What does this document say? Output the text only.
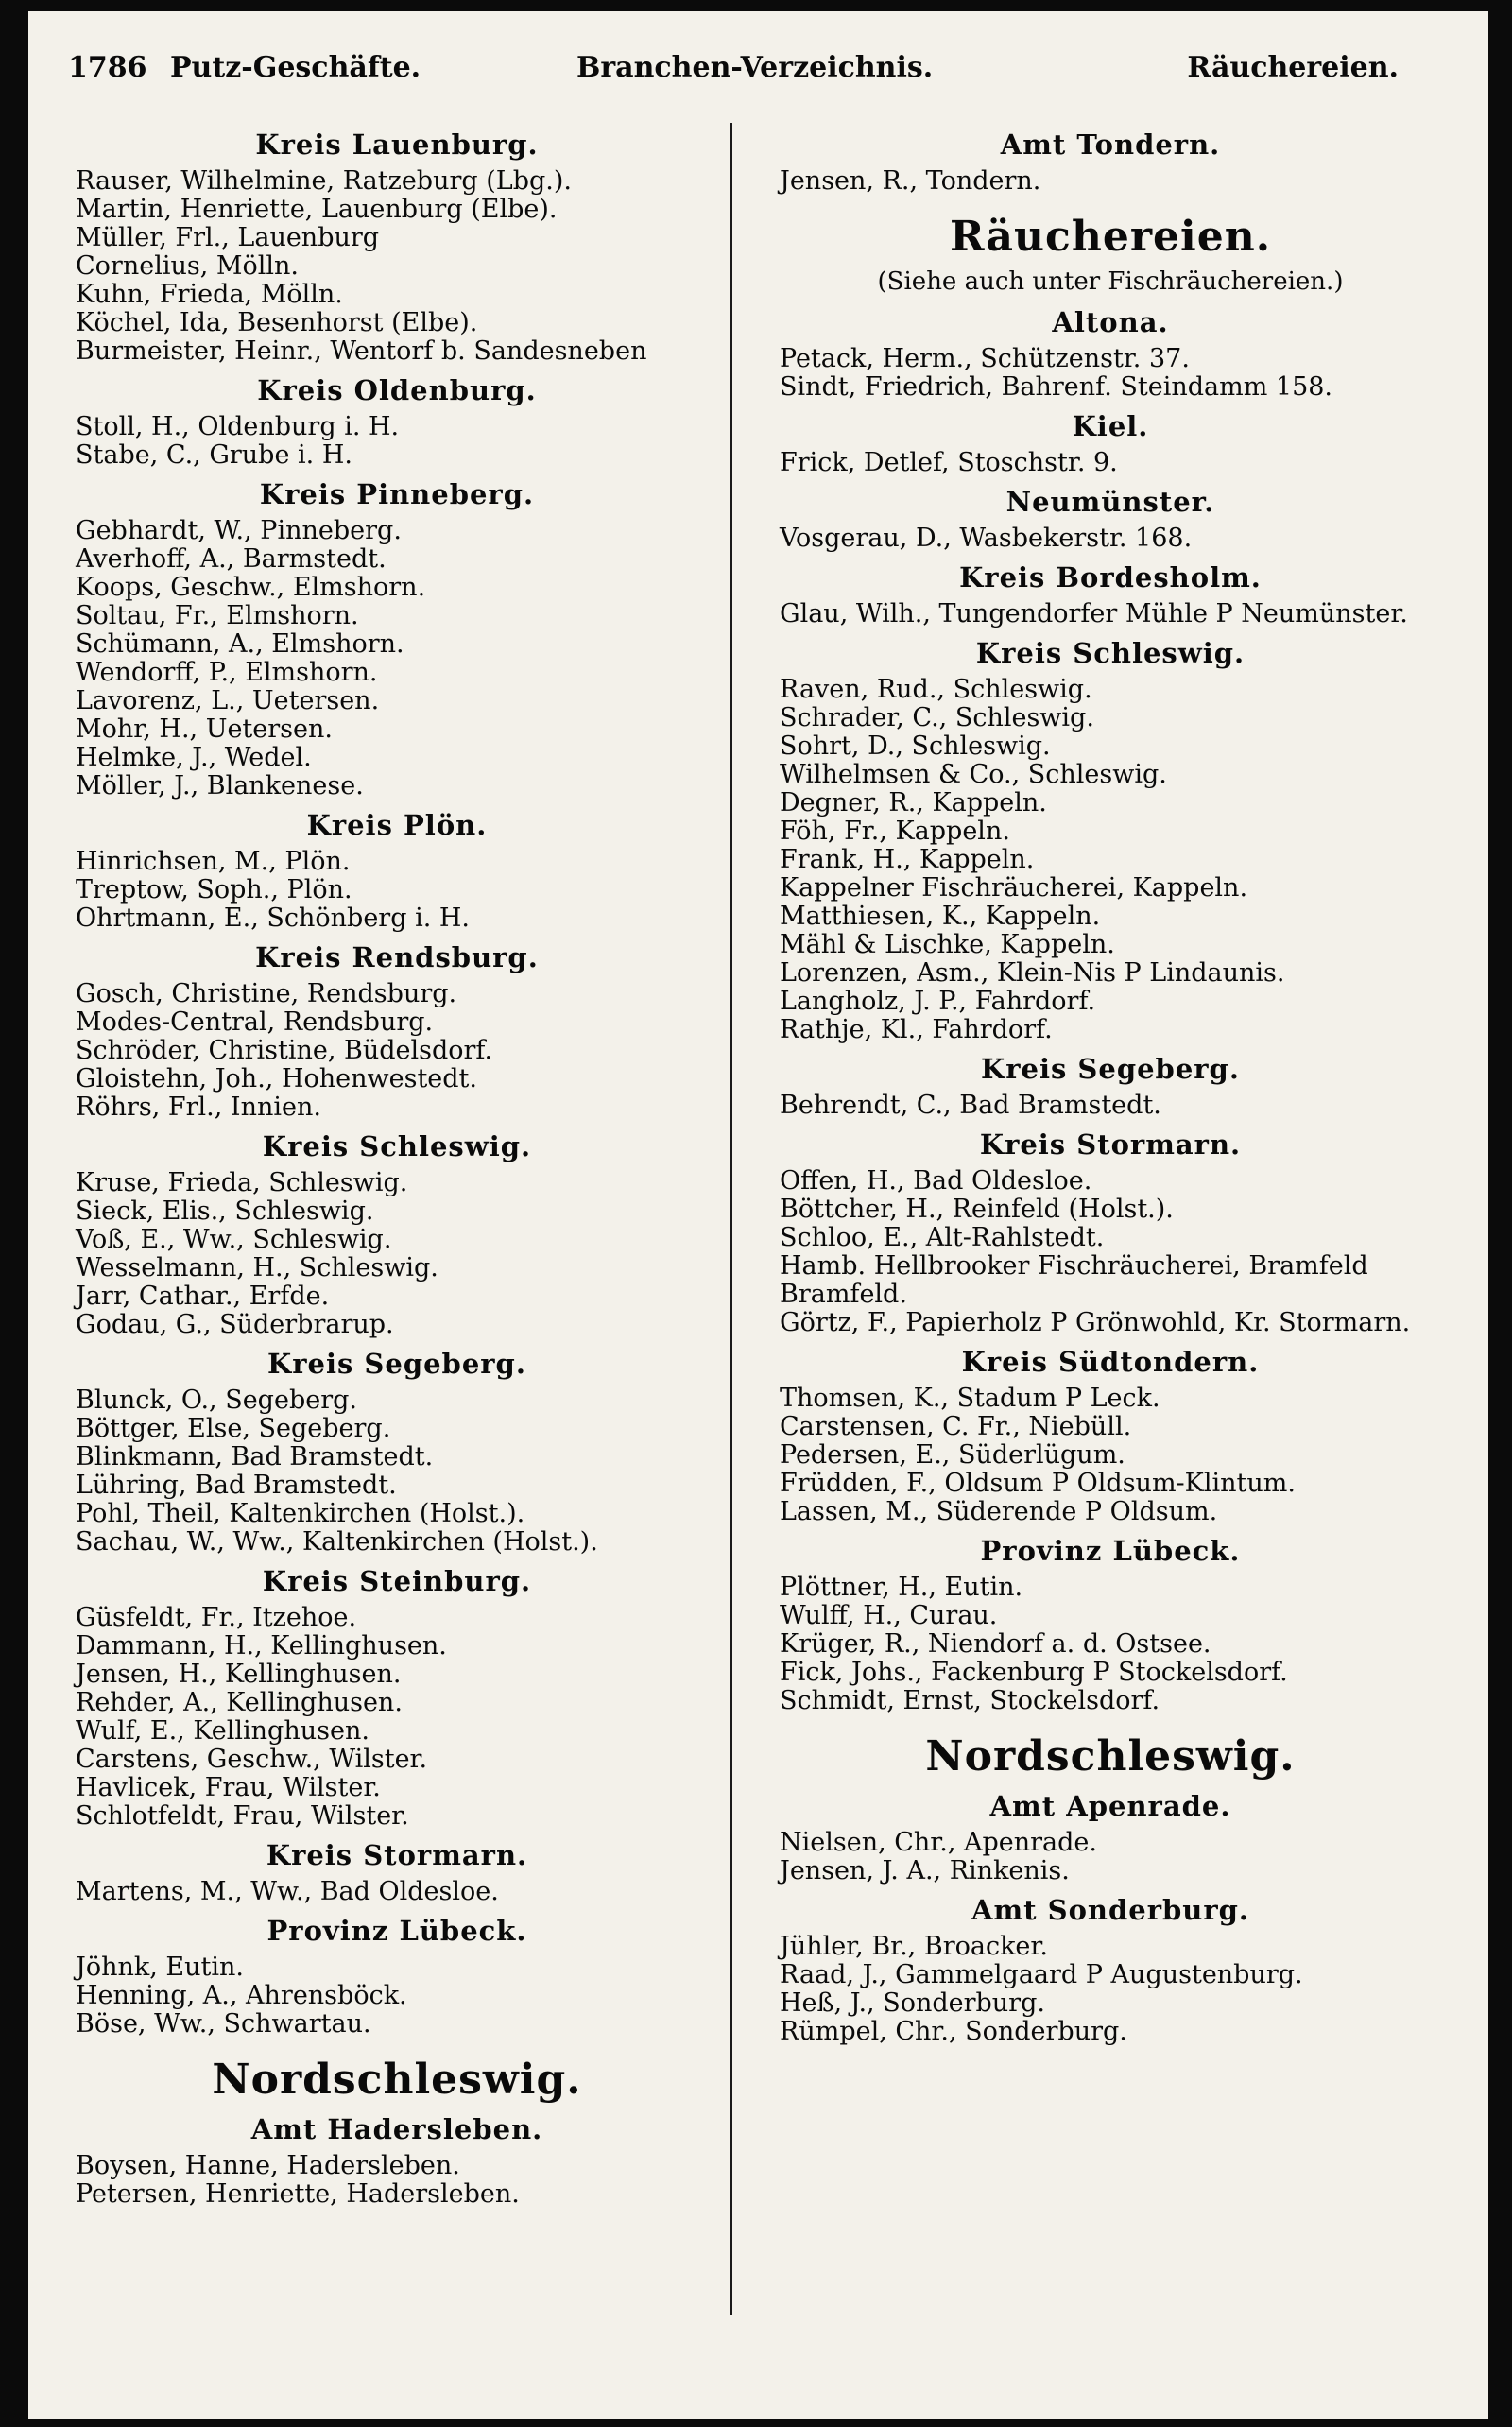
1786 Putz-Geschäfte.	Branchen-Verzeichnis.	Räuchereien.
Kreis Lauenburg.
Rauser, Wilhelmine, Ratzeburg (Lbg.).
Martin, Henriette, Lauenburg (Elbe).
Müller, Frl., Lauenburg
Cornelius, Mölln.
Kuhn, Frieda, Mölln.
Köchel, Ida, Besenhorst (Elbe).
Burmeister, Heinr., Wentorf b. Sandesneben
Kreis Oldenburg.
Stoll, H., Oldenburg i. H.
Stabe, C., Grube i. H.
Kreis Pinneberg.
Gebhardt, W., Pinneberg.
Averhoff, A., Barmstedt.
Koops, Geschw., Elmshorn.
Soltau, Fr., Elmshorn.
Schümann, A., Elmshorn.
Wendorff, P., Elmshorn.
Lavorenz, L., Uetersen.
Mohr, H., Uetersen.
Helmke, J., Wedel.
Möller, J., Blankenese.
Kreis Plön.
Hinrichsen, M., Plön.
Treptow, Soph., Plön.
Ohrtmann, E., Schönberg i. H.
Kreis Rendsburg.
Gosch, Christine, Rendsburg.
Modes-Central, Rendsburg.
Schröder, Christine, Büdelsdorf.
Gloistehn, Joh., Hohenwestedt.
Röhrs, Frl., Innien.
Kreis Schleswig.
Kruse, Frieda, Schleswig.
Sieck, Elis., Schleswig.
Voß, E., Ww., Schleswig.
Wesselmann, H., Schleswig.
Jarr, Cathar., Erfde.
Godau, G., Süderbrarup.
Kreis Segeberg.
Blunck, O., Segeberg.
Böttger, Else, Segeberg.
Blinkmann, Bad Bramstedt.
Lühring, Bad Bramstedt.
Pohl, Theil, Kaltenkirchen (Holst.).
Sachau, W., Ww., Kaltenkirchen (Holst.).
Kreis Steinburg.
Güsfeldt, Fr., Itzehoe.
Dammann, H., Kellinghusen.
Jensen, H., Kellinghusen.
Rehder, A., Kellinghusen.
Wulf, E., Kellinghusen.
Carstens, Geschw., Wilster.
Havlicek, Frau, Wilster.
Schlotfeldt, Frau, Wilster.
Kreis Stormarn.
Martens, M., Ww., Bad Oldesloe.
Provinz Lübeck.
Jöhnk, Eutin.
Henning, A., Ahrensböck.
Böse, Ww., Schwartau.
Nordschleswig.
Amt Hadersleben.
Boysen, Hanne, Hadersleben.
Petersen, Henriette, Hadersleben.
Amt Tondern.
Jensen, R., Tondern.
Räuchereien.
(Siehe auch unter Fischräuchereien.)
Altona.
Petack, Herm., Schützenstr. 37.
Sindt, Friedrich, Bahrenf. Steindamm 158.
Kiel.
Frick, Detlef, Stoschstr. 9.
Neumünster.
Vosgerau, D., Wasbekerstr. 168.
Kreis Bordesholm.
Glau, Wilh., Tungendorfer Mühle P Neumünster.
Kreis Schleswig.
Raven, Rud., Schleswig.
Schrader, C., Schleswig.
Sohrt, D., Schleswig.
Wilhelmsen & Co., Schleswig.
Degner, R., Kappeln.
Föh, Fr., Kappeln.
Frank, H., Kappeln.
Kappelner Fischräucherei, Kappeln.
Matthiesen, K., Kappeln.
Mähl & Lischke, Kappeln.
Lorenzen, Asm., Klein-Nis P Lindaunis.
Langholz, J. P., Fahrdorf.
Rathje, Kl., Fahrdorf.
Kreis Segeberg.
Behrendt, C., Bad Bramstedt.
Kreis Stormarn.
Offen, H., Bad Oldesloe.
Böttcher, H., Reinfeld (Holst.).
Schloo, E., Alt-Rahlstedt.
Hamb. Hellbrooker Fischräucherei, Bramfeld Bramfeld.
Görtz, F., Papierholz P Grönwohld, Kr. Stormarn.
Kreis Südtondern.
Thomsen, K., Stadum P Leck.
Carstensen, C. Fr., Niebüll.
Pedersen, E., Süderlügum.
Früdden, F., Oldsum P Oldsum-Klintum.
Lassen, M., Süderende P Oldsum.
Provinz Lübeck.
Plöttner, H., Eutin.
Wulff, H., Curau.
Krüger, R., Niendorf a. d. Ostsee.
Fick, Johs., Fackenburg P Stockelsdorf.
Schmidt, Ernst, Stockelsdorf.
Nordschleswig.
Amt Apenrade.
Nielsen, Chr., Apenrade.
Jensen, J. A., Rinkenis.
Amt Sonderburg.
Jühler, Br., Broacker.
Raad, J., Gammelgaard P Augustenburg.
Heß, J., Sonderburg.
Rümpel, Chr., Sonderburg.
